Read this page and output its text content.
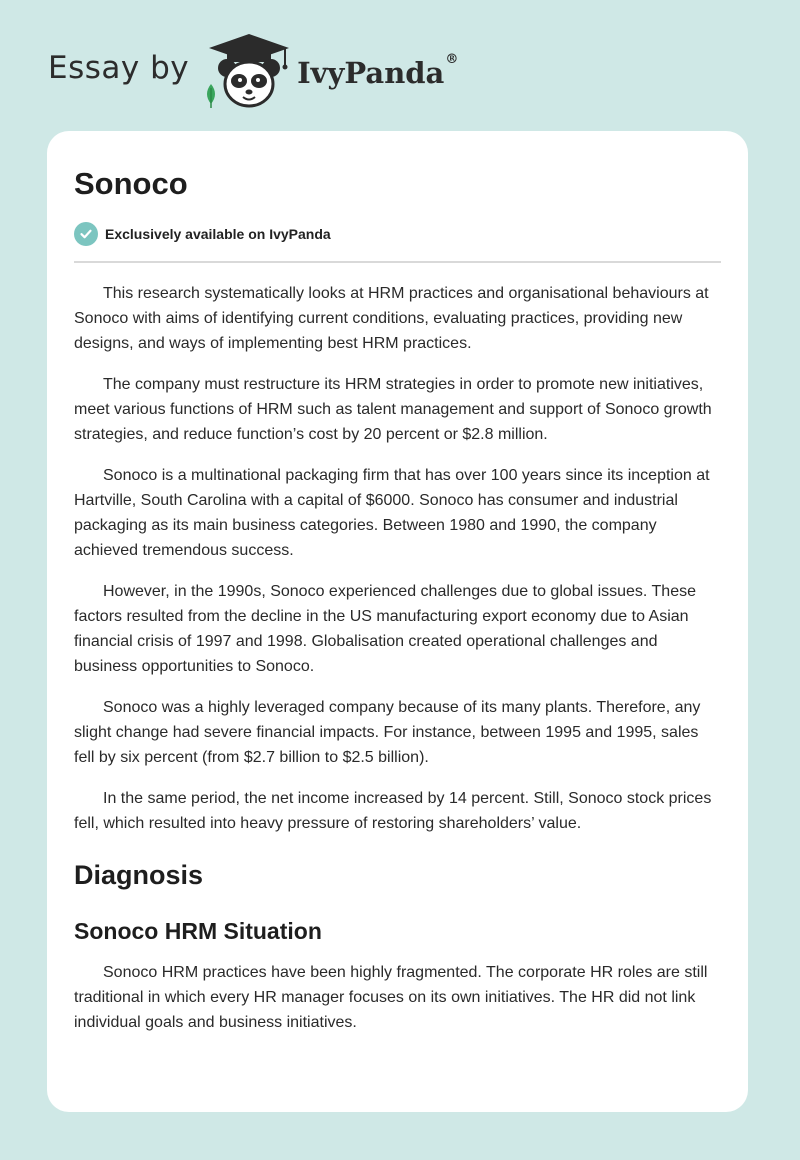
Essay by	IvyPanda®
Sonoco
Exclusively available on IvyPanda

This research systematically looks at HRM practices and organisational behaviours at Sonoco with aims of identifying current conditions, evaluating practices, providing new designs, and ways of implementing best HRM practices.

The company must restructure its HRM strategies in order to promote new initiatives, meet various functions of HRM such as talent management and support of Sonoco growth strategies, and reduce function’s cost by 20 percent or $2.8 million.

Sonoco is a multinational packaging firm that has over 100 years since its inception at Hartville, South Carolina with a capital of $6000. Sonoco has consumer and industrial packaging as its main business categories. Between 1980 and 1990, the company achieved tremendous success.

However, in the 1990s, Sonoco experienced challenges due to global issues. These factors resulted from the decline in the US manufacturing export economy due to Asian financial crisis of 1997 and 1998. Globalisation created operational challenges and business opportunities to Sonoco.

Sonoco was a highly leveraged company because of its many plants. Therefore, any slight change had severe financial impacts. For instance, between 1995 and 1995, sales fell by six percent (from $2.7 billion to $2.5 billion).

In the same period, the net income increased by 14 percent. Still, Sonoco stock prices fell, which resulted into heavy pressure of restoring shareholders’ value.

Diagnosis
Sonoco HRM Situation

Sonoco HRM practices have been highly fragmented. The corporate HR roles are still traditional in which every HR manager focuses on its own initiatives. The HR did not link individual goals and business initiatives.
